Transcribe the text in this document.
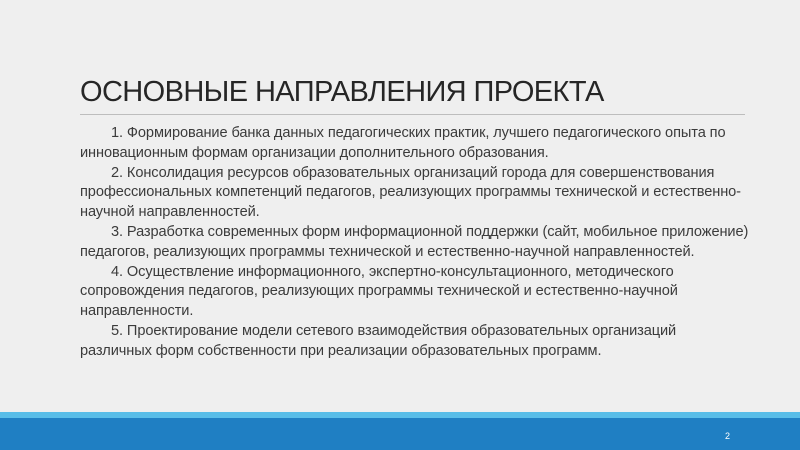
ОСНОВНЫЕ НАПРАВЛЕНИЯ ПРОЕКТА
1. Формирование банка данных педагогических практик, лучшего педагогического опыта по инновационным формам организации дополнительного образования.
2. Консолидация ресурсов образовательных организаций города для совершенствования профессиональных компетенций педагогов, реализующих программы технической и естественно-научной направленностей.
3. Разработка современных форм информационной поддержки (сайт, мобильное приложение) педагогов, реализующих программы технической и естественно-научной направленностей.
4. Осуществление информационного, экспертно-консультационного, методического сопровождения педагогов, реализующих программы технической и естественно-научной направленности.
5. Проектирование модели сетевого взаимодействия образовательных организаций различных форм собственности при реализации образовательных программ.
2
